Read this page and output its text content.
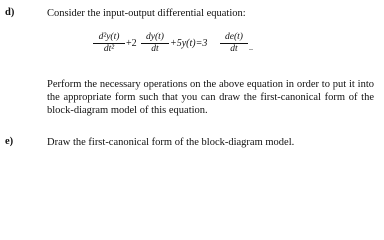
d)	Consider the input-output differential equation:
d²y(t)
dt²	+2
dy(t)
dt	+5y(t)=3
de(t)
dt	..
Perform the necessary operations on the above equation in order to put it into the appropriate form such that you can draw the first-canonical form of the block-diagram model of this equation.
e)	Draw the first-canonical form of the block-diagram model.
